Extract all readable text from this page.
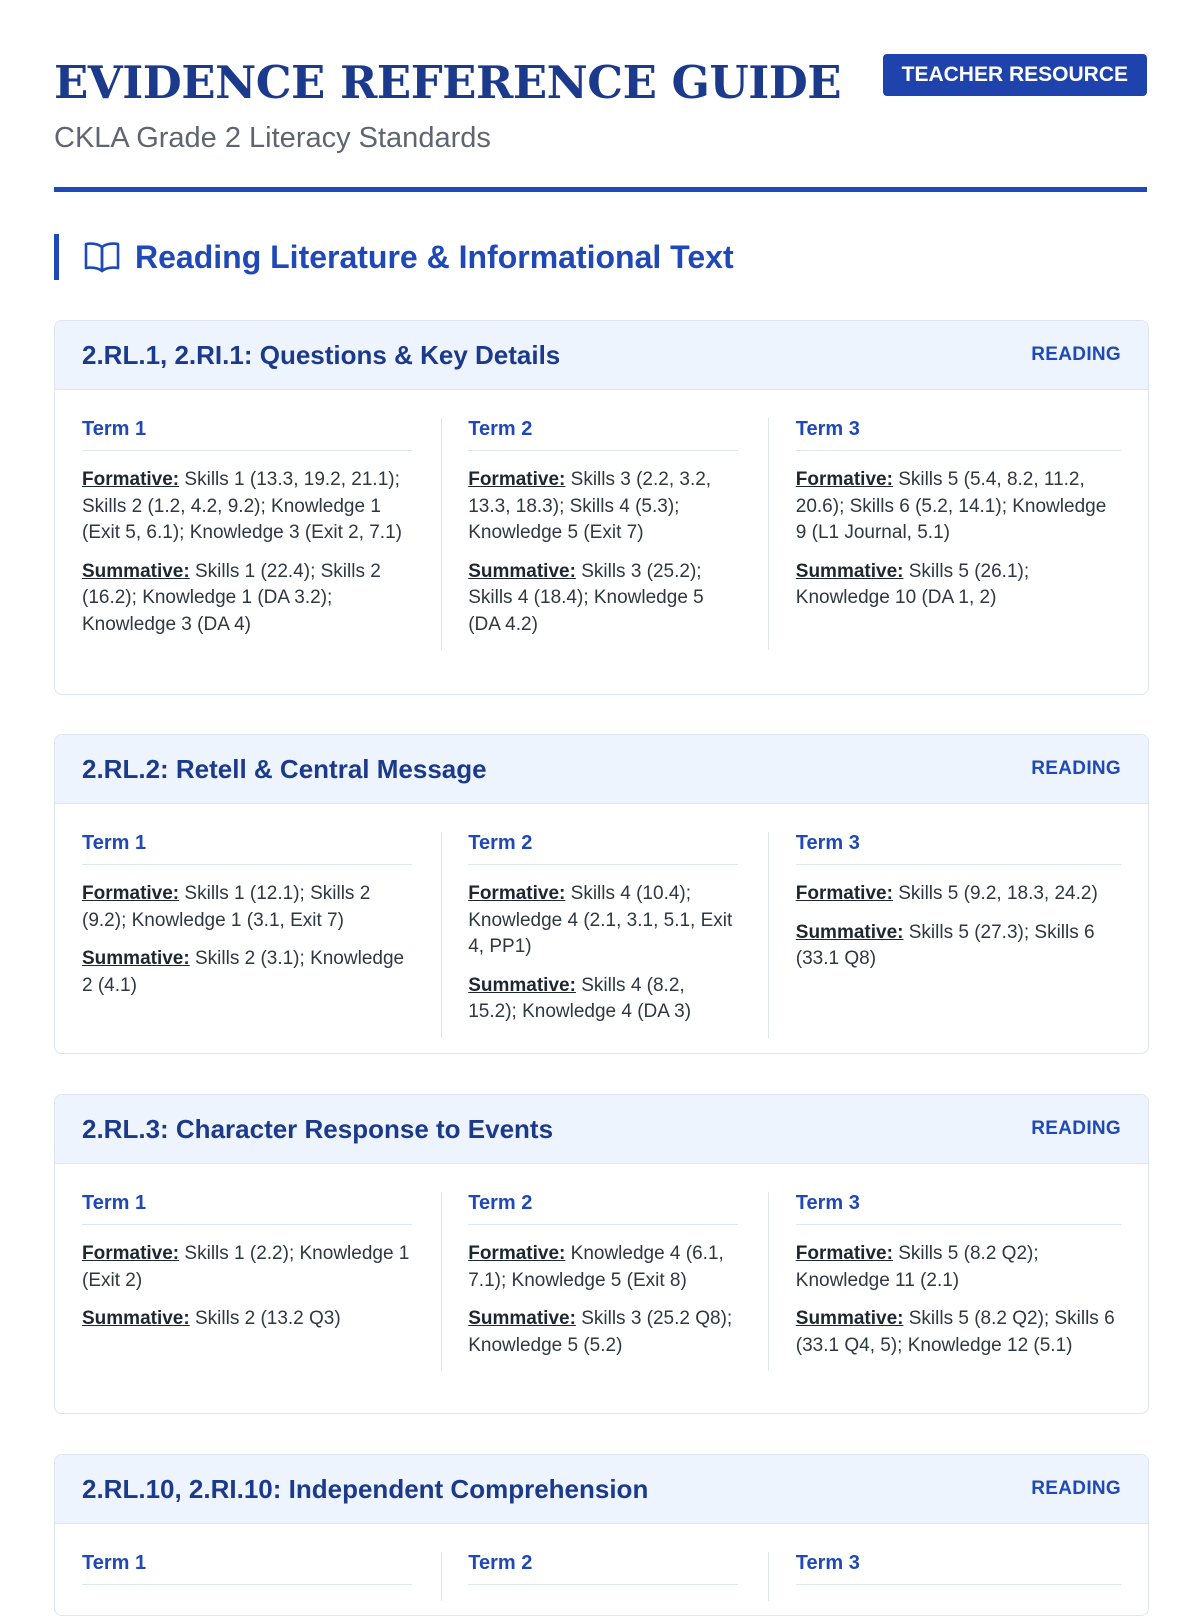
EVIDENCE REFERENCE GUIDE

CKLA Grade 2 Literacy Standards

TEACHER RESOURCE
Reading Literature & Informational Text
2.RL.1, 2.RI.1: Questions & Key Details	READING
Term 1
Formative: Skills 1 (13.3, 19.2, 21.1); Skills 2 (1.2, 4.2, 9.2); Knowledge 1 (Exit 5, 6.1); Knowledge 3 (Exit 2, 7.1)
Summative: Skills 1 (22.4); Skills 2 (16.2); Knowledge 1 (DA 3.2); Knowledge 3 (DA 4)
Term 2
Formative: Skills 3 (2.2, 3.2, 13.3, 18.3); Skills 4 (5.3); Knowledge 5 (Exit 7)
Summative: Skills 3 (25.2); Skills 4 (18.4); Knowledge 5 (DA 4.2)
Term 3
Formative: Skills 5 (5.4, 8.2, 11.2, 20.6); Skills 6 (5.2, 14.1); Knowledge 9 (L1 Journal, 5.1)
Summative: Skills 5 (26.1); Knowledge 10 (DA 1, 2)
2.RL.2: Retell & Central Message	READING
Term 1
Formative: Skills 1 (12.1); Skills 2 (9.2); Knowledge 1 (3.1, Exit 7)
Summative: Skills 2 (3.1); Knowledge 2 (4.1)
Term 2
Formative: Skills 4 (10.4); Knowledge 4 (2.1, 3.1, 5.1, Exit 4, PP1)
Summative: Skills 4 (8.2, 15.2); Knowledge 4 (DA 3)
Term 3
Formative: Skills 5 (9.2, 18.3, 24.2)
Summative: Skills 5 (27.3); Skills 6 (33.1 Q8)
2.RL.3: Character Response to Events	READING
Term 1
Formative: Skills 1 (2.2); Knowledge 1 (Exit 2)
Summative: Skills 2 (13.2 Q3)
Term 2
Formative: Knowledge 4 (6.1, 7.1); Knowledge 5 (Exit 8)
Summative: Skills 3 (25.2 Q8); Knowledge 5 (5.2)
Term 3
Formative: Skills 5 (8.2 Q2); Knowledge 11 (2.1)
Summative: Skills 5 (8.2 Q2); Skills 6 (33.1 Q4, 5); Knowledge 12 (5.1)
2.RL.10, 2.RI.10: Independent Comprehension	READING
Term 1	Term 2	Term 3
